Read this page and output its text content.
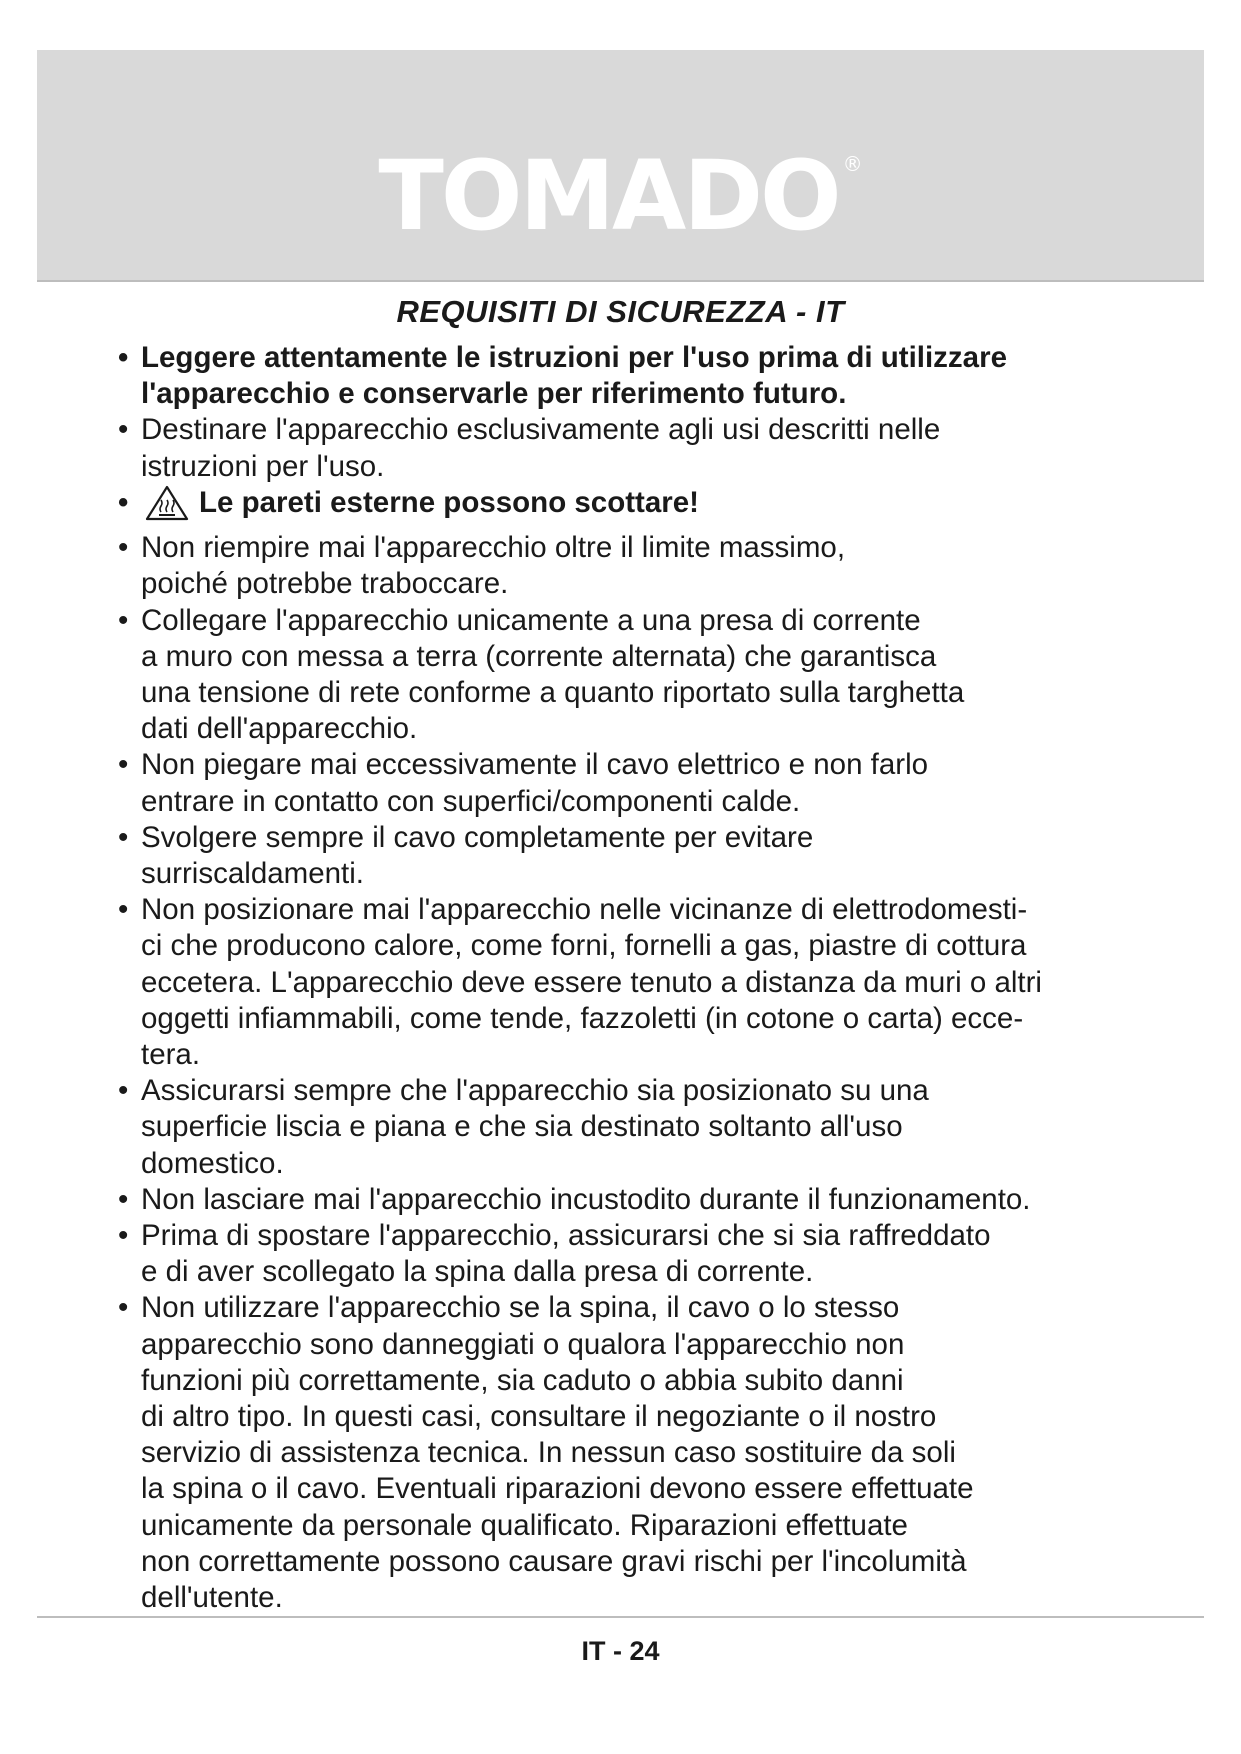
TOMADO ®
REQUISITI DI SICUREZZA - IT
• Leggere attentamente le istruzioni per l'uso prima di utilizzare
l'apparecchio e conservarle per riferimento futuro.
• Destinare l'apparecchio esclusivamente agli usi descritti nelle
istruzioni per l'uso.
• Le pareti esterne possono scottare!
• Non riempire mai l'apparecchio oltre il limite massimo,
poiché potrebbe traboccare.
• Collegare l'apparecchio unicamente a una presa di corrente
a muro con messa a terra (corrente alternata) che garantisca
una tensione di rete conforme a quanto riportato sulla targhetta
dati dell'apparecchio.
• Non piegare mai eccessivamente il cavo elettrico e non farlo
entrare in contatto con superfici/componenti calde.
• Svolgere sempre il cavo completamente per evitare
surriscaldamenti.
• Non posizionare mai l'apparecchio nelle vicinanze di elettrodomesti-
ci che producono calore, come forni, fornelli a gas, piastre di cottura
eccetera. L'apparecchio deve essere tenuto a distanza da muri o altri
oggetti infiammabili, come tende, fazzoletti (in cotone o carta) ecce-
tera.
• Assicurarsi sempre che l'apparecchio sia posizionato su una
superficie liscia e piana e che sia destinato soltanto all'uso
domestico.
• Non lasciare mai l'apparecchio incustodito durante il funzionamento.
• Prima di spostare l'apparecchio, assicurarsi che si sia raffreddato
e di aver scollegato la spina dalla presa di corrente.
• Non utilizzare l'apparecchio se la spina, il cavo o lo stesso
apparecchio sono danneggiati o qualora l'apparecchio non
funzioni più correttamente, sia caduto o abbia subito danni
di altro tipo. In questi casi, consultare il negoziante o il nostro
servizio di assistenza tecnica. In nessun caso sostituire da soli
la spina o il cavo. Eventuali riparazioni devono essere effettuate
unicamente da personale qualificato. Riparazioni effettuate
non correttamente possono causare gravi rischi per l'incolumità
dell'utente.
IT - 24
